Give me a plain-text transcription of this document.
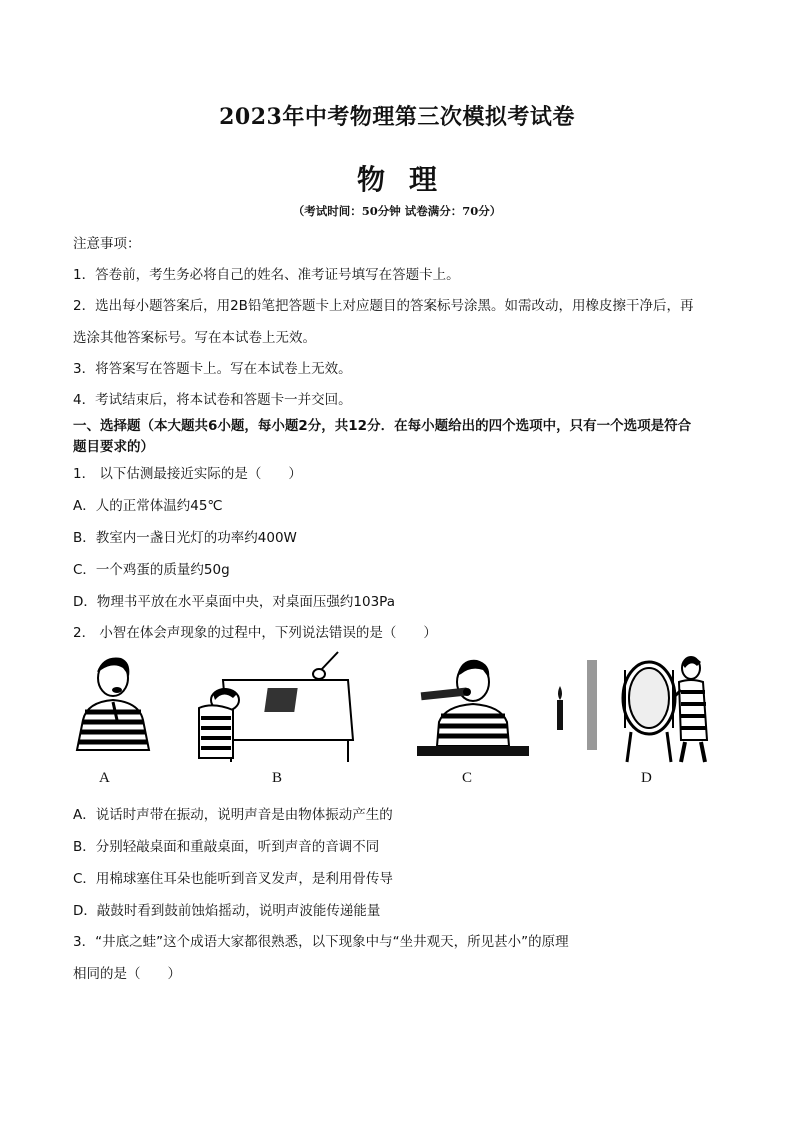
2023年中考物理第三次模拟考试卷
物理
（考试时间：50分钟 试卷满分：70分）
注意事项：
1．答卷前，考生务必将自己的姓名、准考证号填写在答题卡上。
2．选出每小题答案后，用2B铅笔把答题卡上对应题目的答案标号涂黑。如需改动，用橡皮擦干净后，再
选涂其他答案标号。写在本试卷上无效。
3．将答案写在答题卡上。写在本试卷上无效。
4．考试结束后，将本试卷和答题卡一并交回。
一、选择题（本大题共6小题，每小题2分，共12分．在每小题给出的四个选项中，只有一个选项是符合
题目要求的）
1． 以下估测最接近实际的是（　　）
A．人的正常体温约45℃
B．教室内一盏日光灯的功率约400W
C．一个鸡蛋的质量约50g
D．物理书平放在水平桌面中央，对桌面压强约103Pa
2． 小智在体会声现象的过程中，下列说法错误的是（　　）
A	B	C	D
A．说话时声带在振动，说明声音是由物体振动产生的
B．分别轻敲桌面和重敲桌面，听到声音的音调不同
C．用棉球塞住耳朵也能听到音叉发声，是利用骨传导
D．敲鼓时看到鼓前蚀焰摇动，说明声波能传递能量
3．“井底之蛙”这个成语大家都很熟悉，以下现象中与“坐井观天，所见甚小”的原理
相同的是（　　）
